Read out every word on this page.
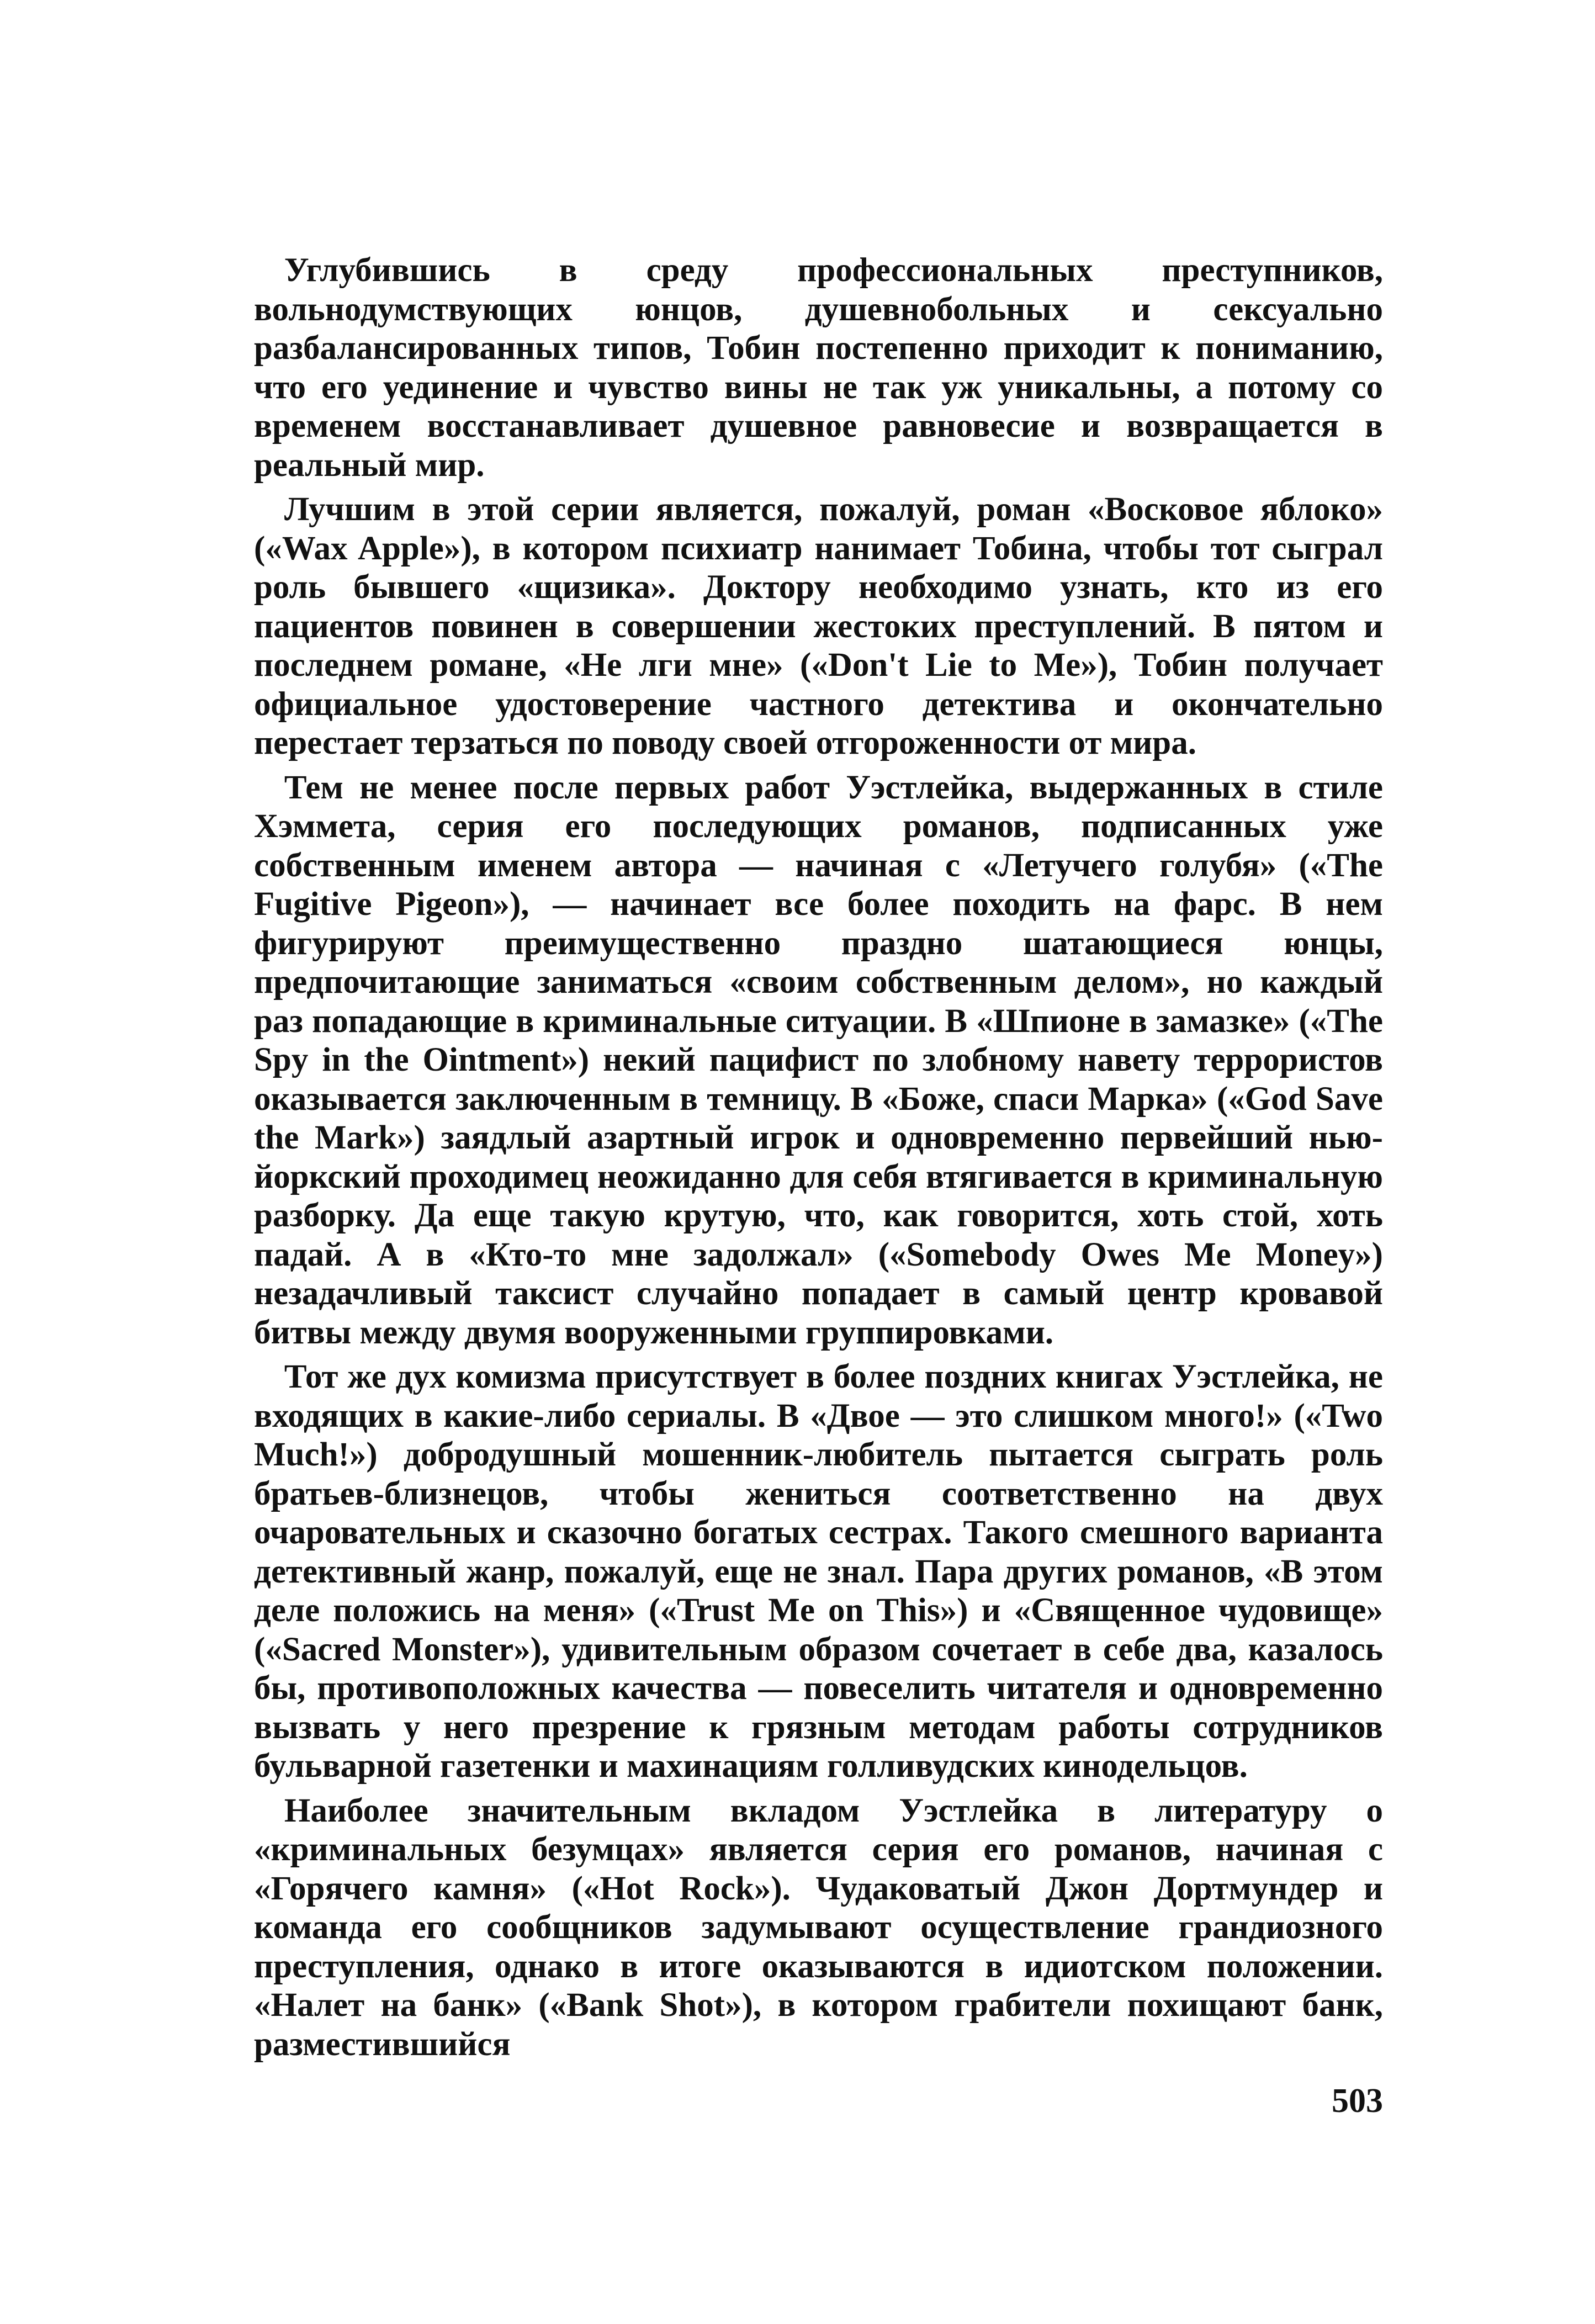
Углубившись в среду профессиональных преступников, вольнодумствующих юнцов, душевнобольных и сексуально разбалансированных типов, Тобин постепенно приходит к пониманию, что его уединение и чувство вины не так уж уникальны, а потому со временем восстанавливает душевное равновесие и возвращается в реальный мир.

Лучшим в этой серии является, пожалуй, роман «Восковое яблоко» («Wax Apple»), в котором психиатр нанимает Тобина, чтобы тот сыграл роль бывшего «щизика». Доктору необходимо узнать, кто из его пациентов повинен в совершении жестоких преступлений. В пятом и последнем романе, «Не лги мне» («Don't Lie to Me»), Тобин получает официальное удостоверение частного детектива и окончательно перестает терзаться по поводу своей отгороженности от мира.

Тем не менее после первых работ Уэстлейка, выдержанных в стиле Хэммета, серия его последующих романов, подписанных уже собственным именем автора — начиная с «Летучего голубя» («The Fugitive Pigeon»), — начинает все более походить на фарс. В нем фигурируют преимущественно праздно шатающиеся юнцы, предпочитающие заниматься «своим собственным делом», но каждый раз попадающие в криминальные ситуации. В «Шпионе в замазке» («The Spy in the Ointment») некий пацифист по злобному навету террористов оказывается заключенным в темницу. В «Боже, спаси Марка» («God Save the Mark») заядлый азартный игрок и одновременно первейший нью-йоркский проходимец неожиданно для себя втягивается в криминальную разборку. Да еще такую крутую, что, как говорится, хоть стой, хоть падай. А в «Кто-то мне задолжал» («Somebody Owes Me Money») незадачливый таксист случайно попадает в самый центр кровавой битвы между двумя вооруженными группировками.

Тот же дух комизма присутствует в более поздних книгах Уэстлейка, не входящих в какие-либо сериалы. В «Двое — это слишком много!» («Two Much!») добродушный мошенник-любитель пытается сыграть роль братьев-близнецов, чтобы жениться соответственно на двух очаровательных и сказочно богатых сестрах. Такого смешного варианта детективный жанр, пожалуй, еще не знал. Пара других романов, «В этом деле положись на меня» («Trust Me on This») и «Священное чудовище» («Sacred Monster»), удивительным образом сочетает в себе два, казалось бы, противоположных качества — повеселить читателя и одновременно вызвать у него презрение к грязным методам работы сотрудников бульварной газетенки и махинациям голливудских кинодельцов.

Наиболее значительным вкладом Уэстлейка в литературу о «криминальных безумцах» является серия его романов, начиная с «Горячего камня» («Hot Rock»). Чудаковатый Джон Дортмундер и команда его сообщников задумывают осуществление грандиозного преступления, однако в итоге оказываются в идиотском положении. «Налет на банк» («Bank Shot»), в котором грабители похищают банк, разместившийся

503
